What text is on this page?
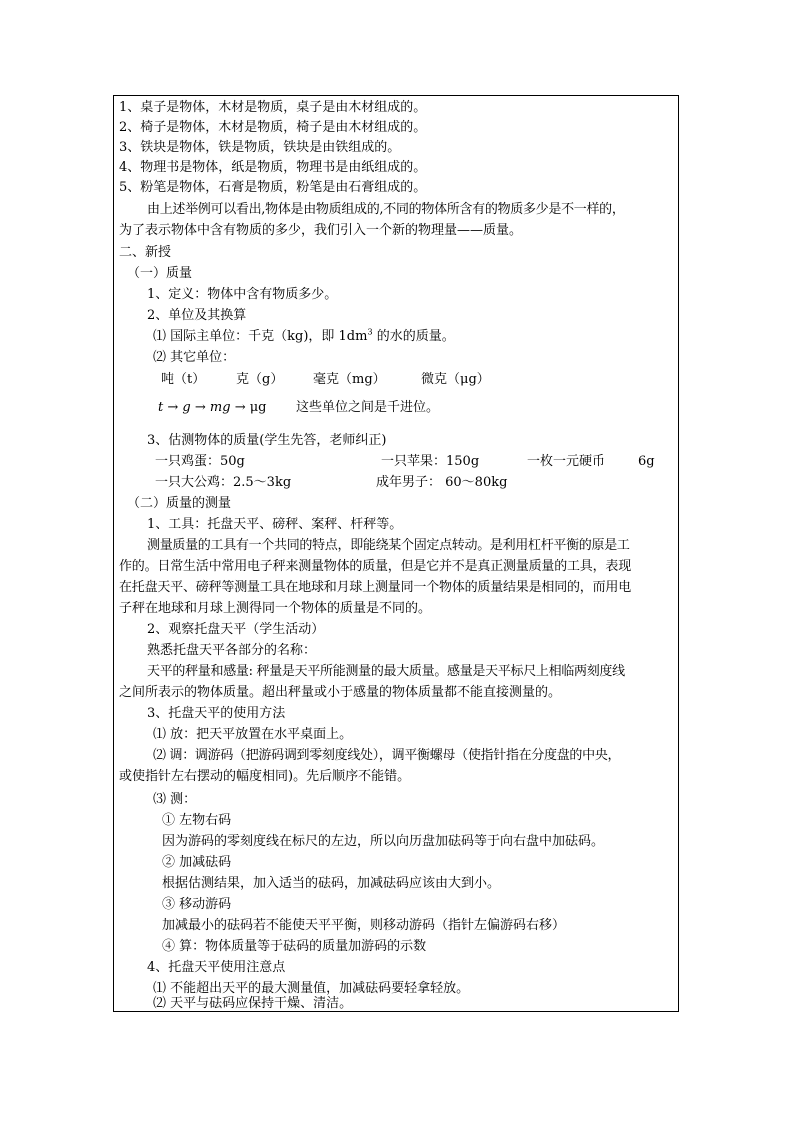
1、桌子是物体，木材是物质，桌子是由木材组成的。
2、椅子是物体，木材是物质，椅子是由木材组成的。
3、铁块是物体，铁是物质，铁块是由铁组成的。
4、物理书是物体，纸是物质，物理书是由纸组成的。
5、粉笔是物体，石膏是物质，粉笔是由石膏组成的。
由上述举例可以看出,物体是由物质组成的,不同的物体所含有的物质多少是不一样的，
为了表示物体中含有物质的多少，我们引入一个新的物理量——质量。
二、新授
（一）质量
1、定义：物体中含有物质多少。
2、单位及其换算
⑴ 国际主单位：千克（kg)，即 $1dm^3$ 的水的质量。
⑵ 其它单位：
吨（t） 克（g） 毫克（mg）	微克（μg）
t → g → mg → μg 这些单位之间是千进位。
3、估测物体的质量(学生先答，老师纠正)
一只鸡蛋：50g	一只苹果：150g	一枚一元硬币	6g
一只大公鸡：2.5～3kg	成年男子： 60～80kg
（二）质量的测量
1、工具：托盘天平、磅秤、案秤、杆秤等。
测量质量的工具有一个共同的特点，即能绕某个固定点转动。是利用杠杆平衡的原是工
作的。日常生活中常用电子秤来测量物体的质量，但是它并不是真正测量质量的工具，表现
在托盘天平、磅秤等测量工具在地球和月球上测量同一个物体的质量结果是相同的，而用电
子秤在地球和月球上测得同一个物体的质量是不同的。
2、观察托盘天平（学生活动）
熟悉托盘天平各部分的名称：
天平的秤量和感量: 秤量是天平所能测量的最大质量。感量是天平标尺上相临两刻度线
之间所表示的物体质量。超出秤量或小于感量的物体质量都不能直接测量的。
3、托盘天平的使用方法
⑴ 放：把天平放置在水平桌面上。
⑵ 调：调游码（把游码调到零刻度线处），调平衡螺母（使指针指在分度盘的中央，
或使指针左右摆动的幅度相同)。先后顺序不能错。
⑶ 测：
① 左物右码
因为游码的零刻度线在标尺的左边，所以向历盘加砝码等于向右盘中加砝码。
② 加减砝码
根据估测结果，加入适当的砝码，加减砝码应该由大到小。
③ 移动游码
加减最小的砝码若不能使天平平衡，则移动游码（指针左偏游码右移）
④ 算：物体质量等于砝码的质量加游码的示数
4、托盘天平使用注意点
⑴ 不能超出天平的最大测量值，加减砝码要轻拿轻放。
⑵ 天平与砝码应保持干燥、清洁。
